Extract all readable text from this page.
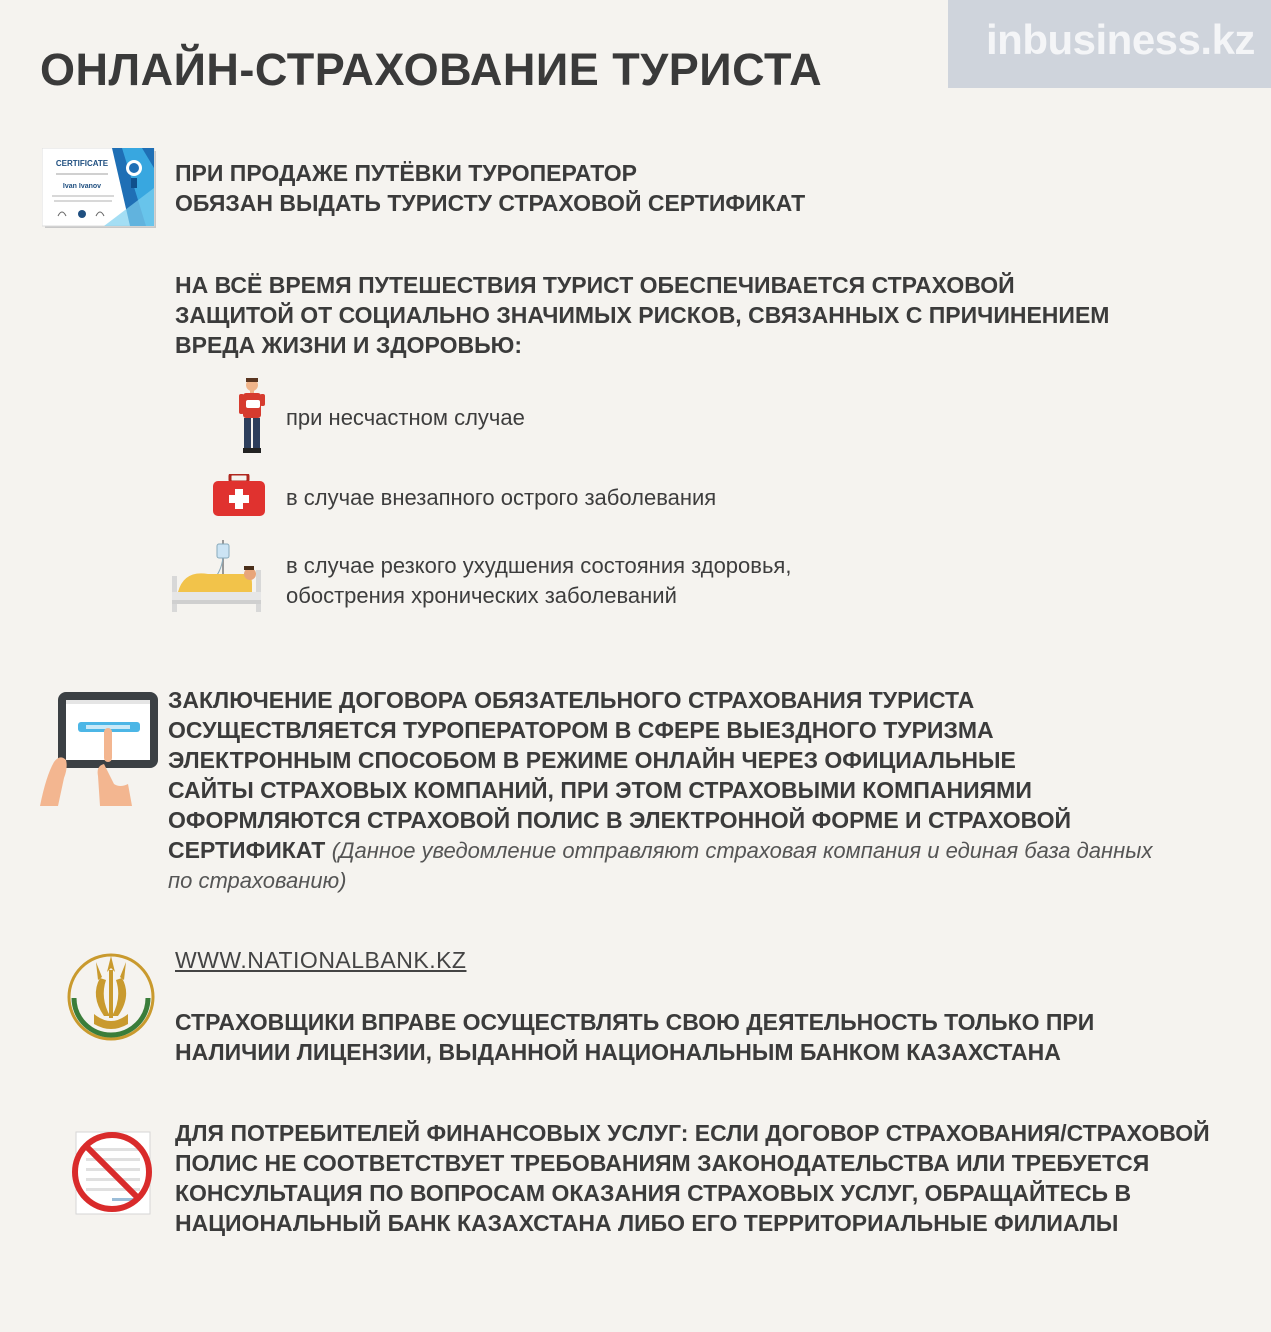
ОНЛАЙН-СТРАХОВАНИЕ ТУРИСТА
inbusiness.kz
CERTIFICATE
Ivan Ivanov

ПРИ ПРОДАЖЕ ПУТЁВКИ ТУРОПЕРАТОР

ОБЯЗАН ВЫДАТЬ ТУРИСТУ СТРАХОВОЙ СЕРТИФИКАТ

НА ВСЁ ВРЕМЯ ПУТЕШЕСТВИЯ ТУРИСТ ОБЕСПЕЧИВАЕТСЯ СТРАХОВОЙ

ЗАЩИТОЙ ОТ СОЦИАЛЬНО ЗНАЧИМЫХ РИСКОВ, СВЯЗАННЫХ С ПРИЧИНЕНИЕМ

ВРЕДА ЖИЗНИ И ЗДОРОВЬЮ:

при несчастном случае

в случае внезапного острого заболевания

в случае резкого ухудшения состояния здоровья,

обострения хронических заболеваний

ЗАКЛЮЧЕНИЕ ДОГОВОРА ОБЯЗАТЕЛЬНОГО СТРАХОВАНИЯ ТУРИСТА

ОСУЩЕСТВЛЯЕТСЯ ТУРОПЕРАТОРОМ В СФЕРЕ ВЫЕЗДНОГО ТУРИЗМА

ЭЛЕКТРОННЫМ СПОСОБОМ В РЕЖИМЕ ОНЛАЙН ЧЕРЕЗ ОФИЦИАЛЬНЫЕ

САЙТЫ СТРАХОВЫХ КОМПАНИЙ, ПРИ ЭТОМ СТРАХОВЫМИ КОМПАНИЯМИ

ОФОРМЛЯЮТСЯ СТРАХОВОЙ ПОЛИС В ЭЛЕКТРОННОЙ ФОРМЕ И СТРАХОВОЙ

СЕРТИФИКАТ (Данное уведомление отправляют страховая компания и единая база данных

по страхованию)

WWW.NATIONALBANK.KZ

СТРАХОВЩИКИ ВПРАВЕ ОСУЩЕСТВЛЯТЬ СВОЮ ДЕЯТЕЛЬНОСТЬ ТОЛЬКО ПРИ

НАЛИЧИИ ЛИЦЕНЗИИ, ВЫДАННОЙ НАЦИОНАЛЬНЫМ БАНКОМ КАЗАХСТАНА

ДЛЯ ПОТРЕБИТЕЛЕЙ ФИНАНСОВЫХ УСЛУГ: ЕСЛИ ДОГОВОР СТРАХОВАНИЯ/СТРАХОВОЙ

ПОЛИС НЕ СООТВЕТСТВУЕТ ТРЕБОВАНИЯМ ЗАКОНОДАТЕЛЬСТВА ИЛИ ТРЕБУЕТСЯ

КОНСУЛЬТАЦИЯ ПО ВОПРОСАМ ОКАЗАНИЯ СТРАХОВЫХ УСЛУГ, ОБРАЩАЙТЕСЬ В

НАЦИОНАЛЬНЫЙ БАНК КАЗАХСТАНА ЛИБО ЕГО ТЕРРИТОРИАЛЬНЫЕ ФИЛИАЛЫ
